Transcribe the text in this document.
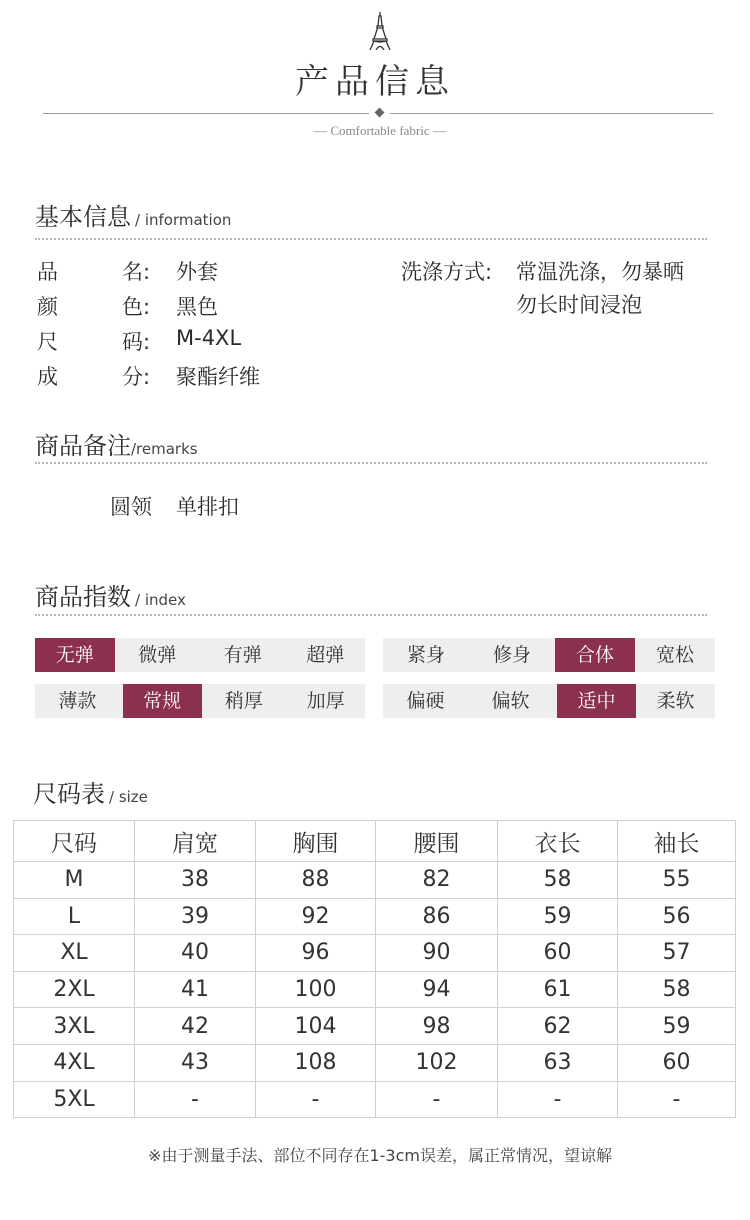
产品信息
— Comfortable fabric —
基本信息 / information
品	名: 外套
颜	色: 黑色
尺	码: M-4XL
成	分: 聚酯纤维
洗涤方式: 常温洗涤，勿暴晒
勿长时间浸泡
商品备注/remarks
圆领 单排扣
商品指数 / index
无弹	微弹	有弹	超弹	紧身	修身	合体	宽松
薄款	常规	稍厚	加厚	偏硬	偏软	适中	柔软
尺码表 / size
尺码	肩宽	胸围	腰围	衣长	袖长
M	38	88	82	58	55
L	39	92	86	59	56
XL	40	96	90	60	57
2XL	41	100	94	61	58
3XL	42	104	98	62	59
4XL	43	108	102	63	60
5XL	-	-	-	-	-
※由于测量手法、部位不同存在1-3cm误差，属正常情况，望谅解
